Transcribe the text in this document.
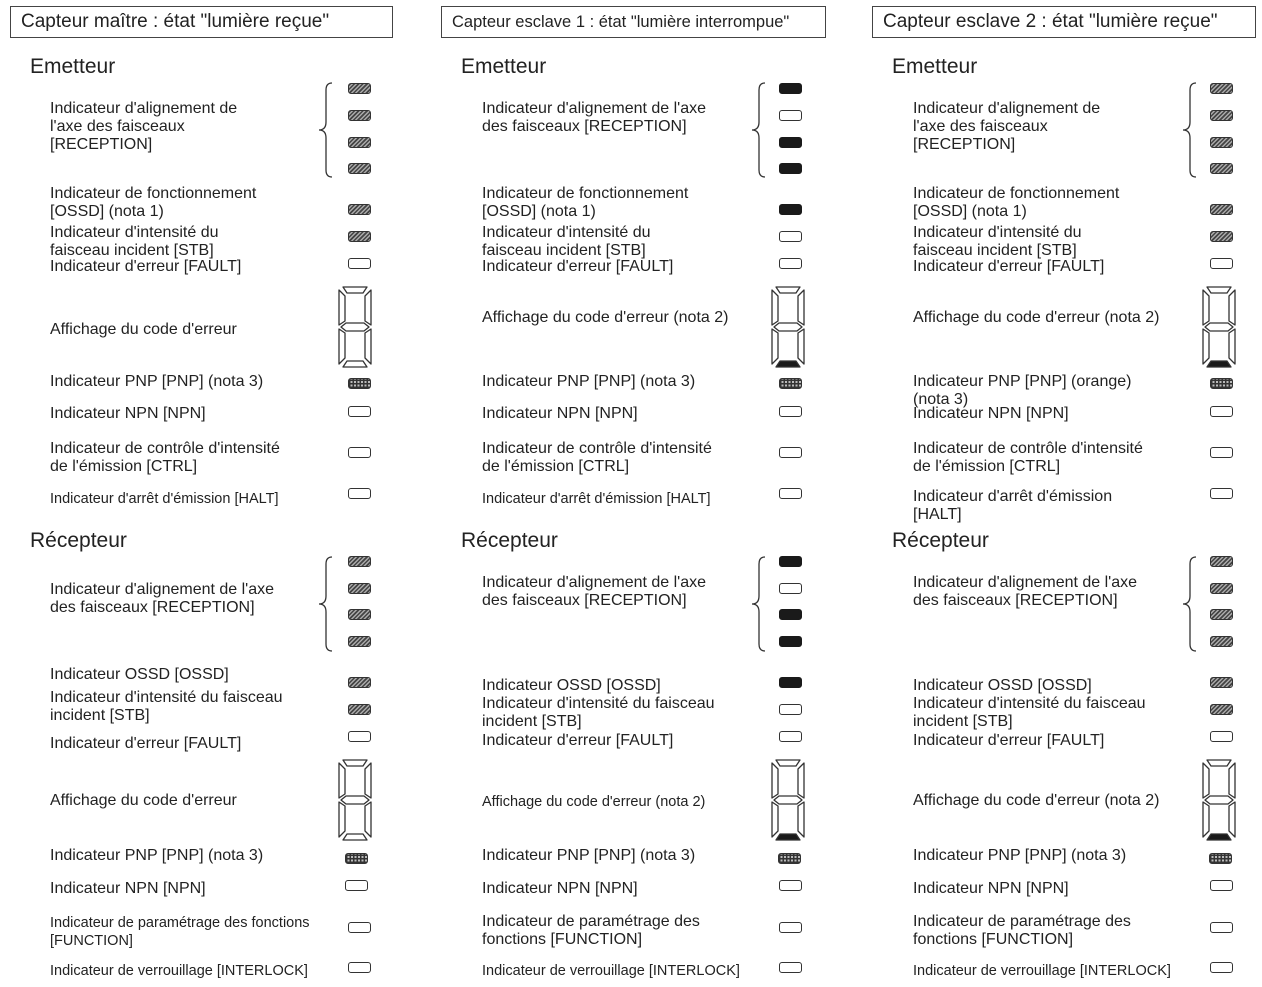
Capteur maître : état "lumière reçue"
Emetteur
Indicateur d'alignement de
l'axe des faisceaux
[RECEPTION]
Indicateur de fonctionnement
[OSSD] (nota 1)
Indicateur d'intensité du
faisceau incident [STB]
Indicateur d'erreur [FAULT]
Affichage du code d'erreur
Indicateur PNP [PNP] (nota 3)
Indicateur NPN [NPN]
Indicateur de contrôle d'intensité
de l'émission [CTRL]
Indicateur d'arrêt d'émission [HALT]
Récepteur
Indicateur d'alignement de l'axe
des faisceaux [RECEPTION]
Indicateur OSSD [OSSD]
Indicateur d'intensité du faisceau
incident [STB]
Indicateur d'erreur [FAULT]
Affichage du code d'erreur
Indicateur PNP [PNP] (nota 3)
Indicateur NPN [NPN]
Indicateur de paramétrage des fonctions
[FUNCTION]
Indicateur de verrouillage [INTERLOCK]
Capteur esclave 1 : état "lumière interrompue"
Emetteur
Indicateur d'alignement de l'axe
des faisceaux [RECEPTION]
Indicateur de fonctionnement
[OSSD] (nota 1)
Indicateur d'intensité du
faisceau incident [STB]
Indicateur d'erreur [FAULT]
Affichage du code d'erreur (nota 2)
Indicateur PNP [PNP] (nota 3)
Indicateur NPN [NPN]
Indicateur de contrôle d'intensité
de l'émission [CTRL]
Indicateur d'arrêt d'émission [HALT]
Récepteur
Indicateur d'alignement de l'axe
des faisceaux [RECEPTION]
Indicateur OSSD [OSSD]
Indicateur d'intensité du faisceau
incident [STB]
Indicateur d'erreur [FAULT]
Affichage du code d'erreur (nota 2)
Indicateur PNP [PNP] (nota 3)
Indicateur NPN [NPN]
Indicateur de paramétrage des
fonctions [FUNCTION]
Indicateur de verrouillage [INTERLOCK]
Capteur esclave 2 : état "lumière reçue"
Emetteur
Indicateur d'alignement de
l'axe des faisceaux
[RECEPTION]
Indicateur de fonctionnement
[OSSD] (nota 1)
Indicateur d'intensité du
faisceau incident [STB]
Indicateur d'erreur [FAULT]
Affichage du code d'erreur (nota 2)
Indicateur PNP [PNP] (orange)
(nota 3)
Indicateur NPN [NPN]
Indicateur de contrôle d'intensité
de l'émission [CTRL]
Indicateur d'arrêt d'émission
[HALT]
Récepteur
Indicateur d'alignement de l'axe
des faisceaux [RECEPTION]
Indicateur OSSD [OSSD]
Indicateur d'intensité du faisceau
incident [STB]
Indicateur d'erreur [FAULT]
Affichage du code d'erreur (nota 2)
Indicateur PNP [PNP] (nota 3)
Indicateur NPN [NPN]
Indicateur de paramétrage des
fonctions [FUNCTION]
Indicateur de verrouillage [INTERLOCK]
